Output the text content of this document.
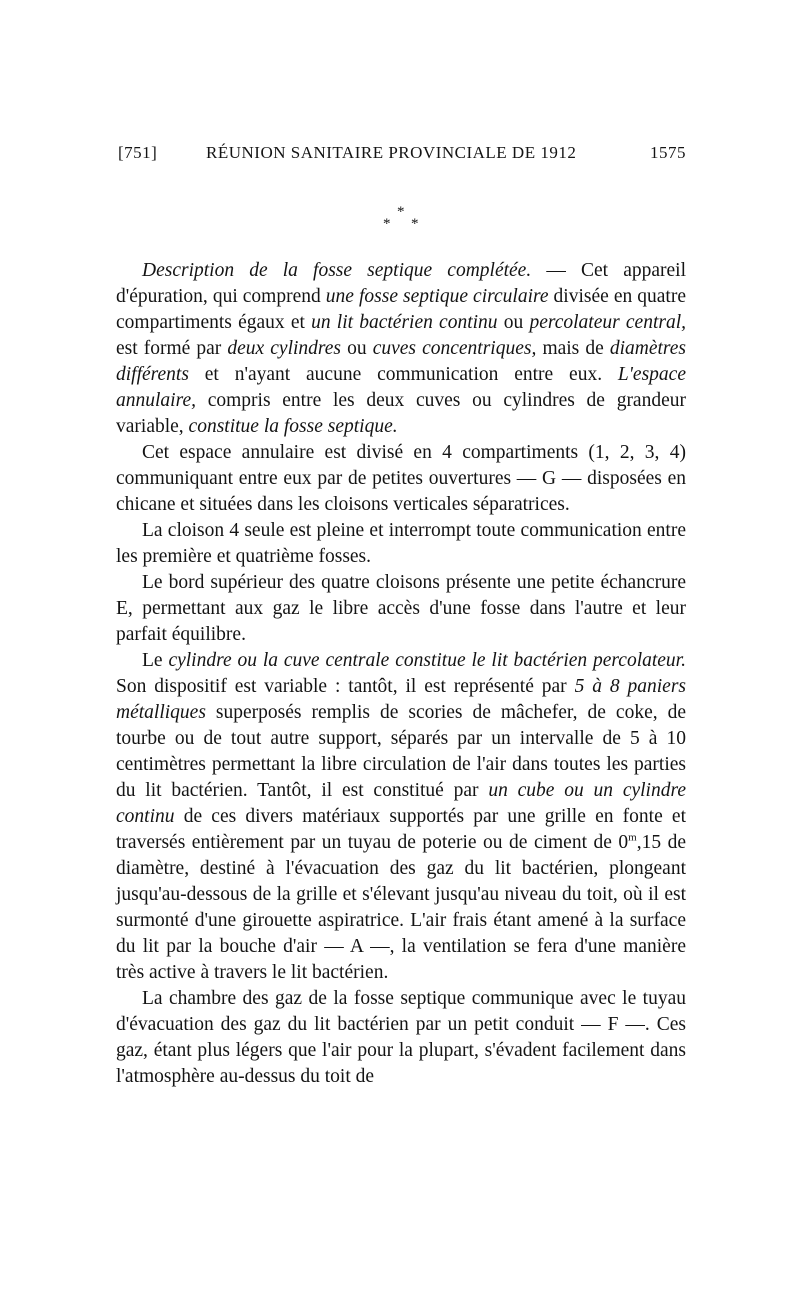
[751]	RÉUNION SANITAIRE PROVINCIALE DE 1912	1575
*
* *

Description de la fosse septique complétée. — Cet appareil d'épuration, qui comprend une fosse septique circulaire divisée en quatre compartiments égaux et un lit bactérien continu ou percolateur central, est formé par deux cylindres ou cuves concentriques, mais de diamètres différents et n'ayant aucune communication entre eux. L'espace annulaire, compris entre les deux cuves ou cylindres de grandeur variable, constitue la fosse septique.

Cet espace annulaire est divisé en 4 compartiments (1, 2, 3, 4) communiquant entre eux par de petites ouvertures — G — disposées en chicane et situées dans les cloisons verticales séparatrices.

La cloison 4 seule est pleine et interrompt toute communication entre les première et quatrième fosses.

Le bord supérieur des quatre cloisons présente une petite échancrure E, permettant aux gaz le libre accès d'une fosse dans l'autre et leur parfait équilibre.

Le cylindre ou la cuve centrale constitue le lit bactérien percolateur. Son dispositif est variable : tantôt, il est représenté par 5 à 8 paniers métalliques superposés remplis de scories de mâchefer, de coke, de tourbe ou de tout autre support, séparés par un intervalle de 5 à 10 centimètres permettant la libre circulation de l'air dans toutes les parties du lit bactérien. Tantôt, il est constitué par un cube ou un cylindre continu de ces divers matériaux supportés par une grille en fonte et traversés entièrement par un tuyau de poterie ou de ciment de 0$^m$,15 de diamètre, destiné à l'évacuation des gaz du lit bactérien, plongeant jusqu'au-dessous de la grille et s'élevant jusqu'au niveau du toit, où il est surmonté d'une girouette aspiratrice. L'air frais étant amené à la surface du lit par la bouche d'air — A —, la ventilation se fera d'une manière très active à travers le lit bactérien.

La chambre des gaz de la fosse septique communique avec le tuyau d'évacuation des gaz du lit bactérien par un petit conduit — F —. Ces gaz, étant plus légers que l'air pour la plupart, s'évadent facilement dans l'atmosphère au-dessus du toit de
